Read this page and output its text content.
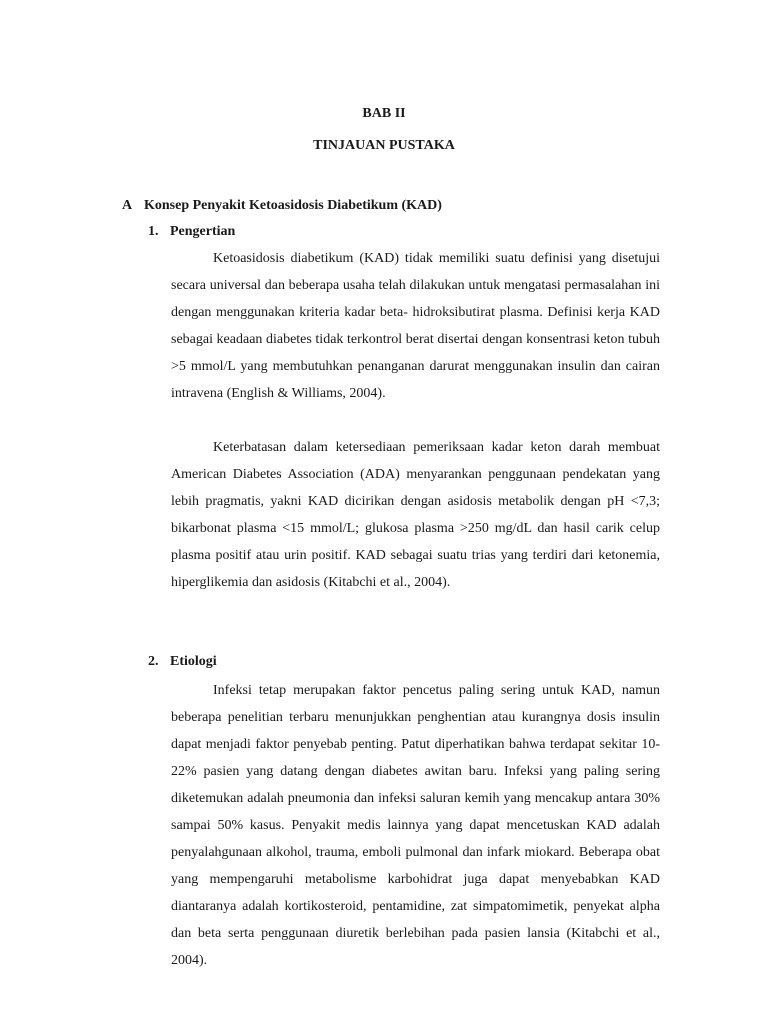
BAB II
TINJAUAN PUSTAKA
A Konsep Penyakit Ketoasidosis Diabetikum (KAD)
1. Pengertian

Ketoasidosis diabetikum (KAD) tidak memiliki suatu definisi yang disetujui secara universal dan beberapa usaha telah dilakukan untuk mengatasi permasalahan ini dengan menggunakan kriteria kadar beta- hidroksibutirat plasma. Definisi kerja KAD sebagai keadaan diabetes tidak terkontrol berat disertai dengan konsentrasi keton tubuh >5 mmol/L yang membutuhkan penanganan darurat menggunakan insulin dan cairan intravena (English & Williams, 2004).

Keterbatasan dalam ketersediaan pemeriksaan kadar keton darah membuat American Diabetes Association (ADA) menyarankan penggunaan pendekatan yang lebih pragmatis, yakni KAD dicirikan dengan asidosis metabolik dengan pH <7,3; bikarbonat plasma <15 mmol/L; glukosa plasma >250 mg/dL dan hasil carik celup plasma positif atau urin positif. KAD sebagai suatu trias yang terdiri dari ketonemia, hiperglikemia dan asidosis (Kitabchi et al., 2004).

2. Etiologi

Infeksi tetap merupakan faktor pencetus paling sering untuk KAD, namun beberapa penelitian terbaru menunjukkan penghentian atau kurangnya dosis insulin dapat menjadi faktor penyebab penting. Patut diperhatikan bahwa terdapat sekitar 10-22% pasien yang datang dengan diabetes awitan baru. Infeksi yang paling sering diketemukan adalah pneumonia dan infeksi saluran kemih yang mencakup antara 30% sampai 50% kasus. Penyakit medis lainnya yang dapat mencetuskan KAD adalah penyalahgunaan alkohol, trauma, emboli pulmonal dan infark miokard. Beberapa obat yang mempengaruhi metabolisme karbohidrat juga dapat menyebabkan KAD diantaranya adalah kortikosteroid, pentamidine, zat simpatomimetik, penyekat alpha dan beta serta penggunaan diuretik berlebihan pada pasien lansia (Kitabchi et al., 2004).
